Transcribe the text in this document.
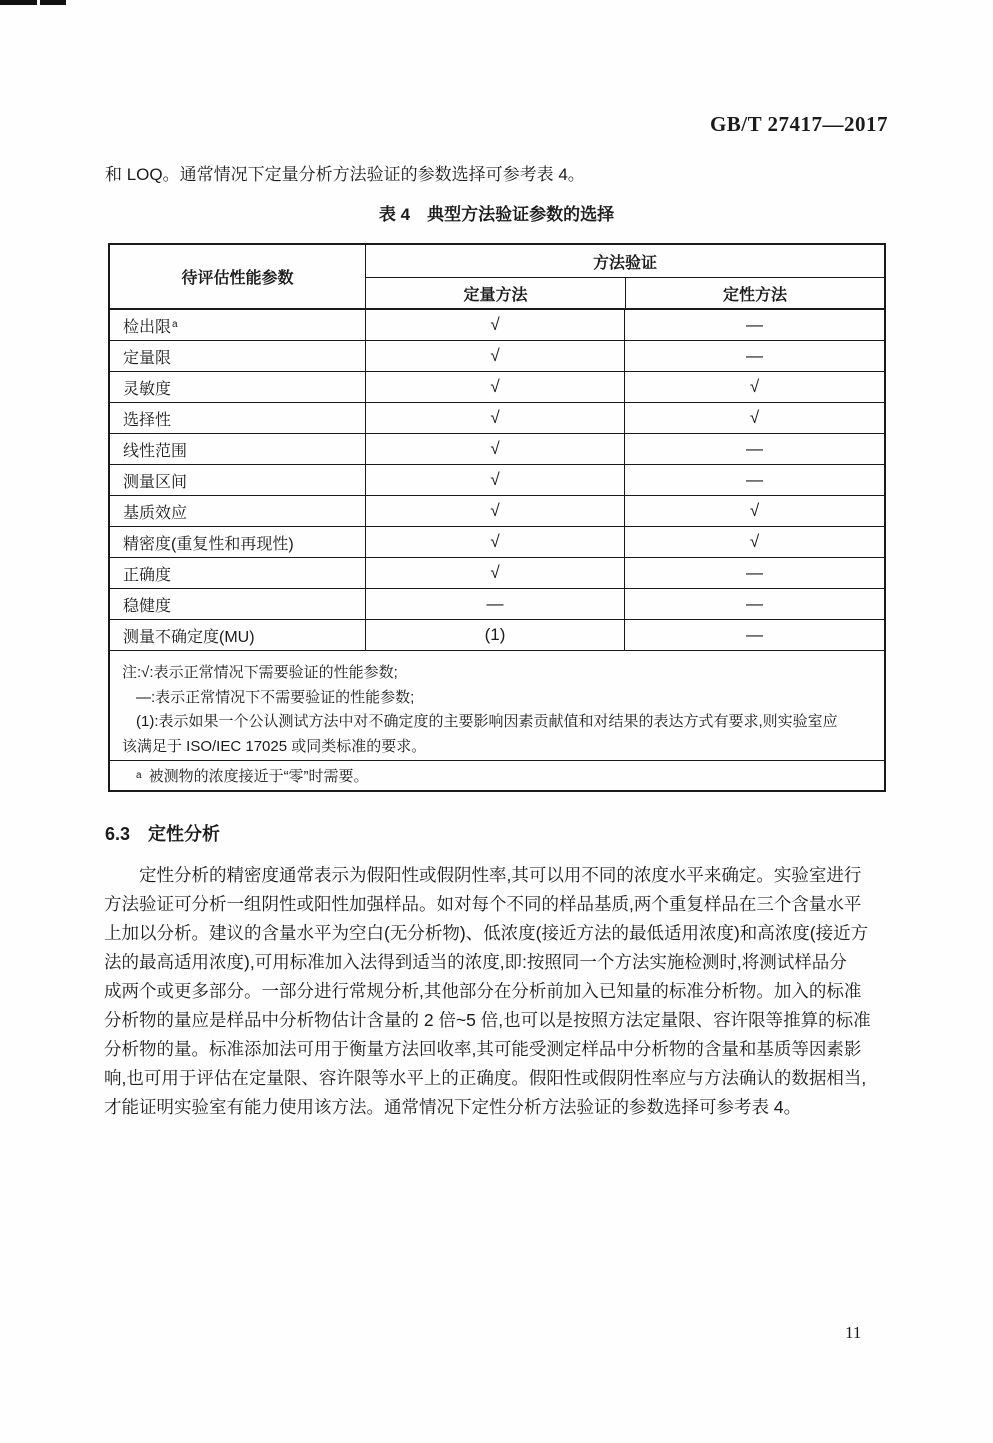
GB/T 27417—2017
和 LOQ。通常情况下定量分析方法验证的参数选择可参考表 4。
表 4　典型方法验证参数的选择
待评估性能参数
方法验证
定量方法	定性方法
检出限 a	√	—
定量限	√	—
灵敏度	√	√
选择性	√	√
线性范围	√	—
测量区间	√	—
基质效应	√	√
精密度(重复性和再现性)	√	√
正确度	√	—
稳健度	—	—
测量不确定度(MU)	(1)	—
注:√:表示正常情况下需要验证的性能参数;
—:表示正常情况下不需要验证的性能参数;
(1):表示如果一个公认测试方法中对不确定度的主要影响因素贡献值和对结果的表达方式有要求,则实验室应
该满足于 ISO/IEC 17025 或同类标准的要求。
a 被测物的浓度接近于“零”时需要。
6.3 定性分析
定性分析的精密度通常表示为假阳性或假阴性率,其可以用不同的浓度水平来确定。实验室进行
方法验证可分析一组阴性或阳性加强样品。如对每个不同的样品基质,两个重复样品在三个含量水平
上加以分析。建议的含量水平为空白(无分析物)、低浓度(接近方法的最低适用浓度)和高浓度(接近方
法的最高适用浓度),可用标准加入法得到适当的浓度,即:按照同一个方法实施检测时,将测试样品分
成两个或更多部分。一部分进行常规分析,其他部分在分析前加入已知量的标准分析物。加入的标准
分析物的量应是样品中分析物估计含量的 2 倍~5 倍,也可以是按照方法定量限、容许限等推算的标准
分析物的量。标准添加法可用于衡量方法回收率,其可能受测定样品中分析物的含量和基质等因素影
响,也可用于评估在定量限、容许限等水平上的正确度。假阳性或假阴性率应与方法确认的数据相当,
才能证明实验室有能力使用该方法。通常情况下定性分析方法验证的参数选择可参考表 4。
11
